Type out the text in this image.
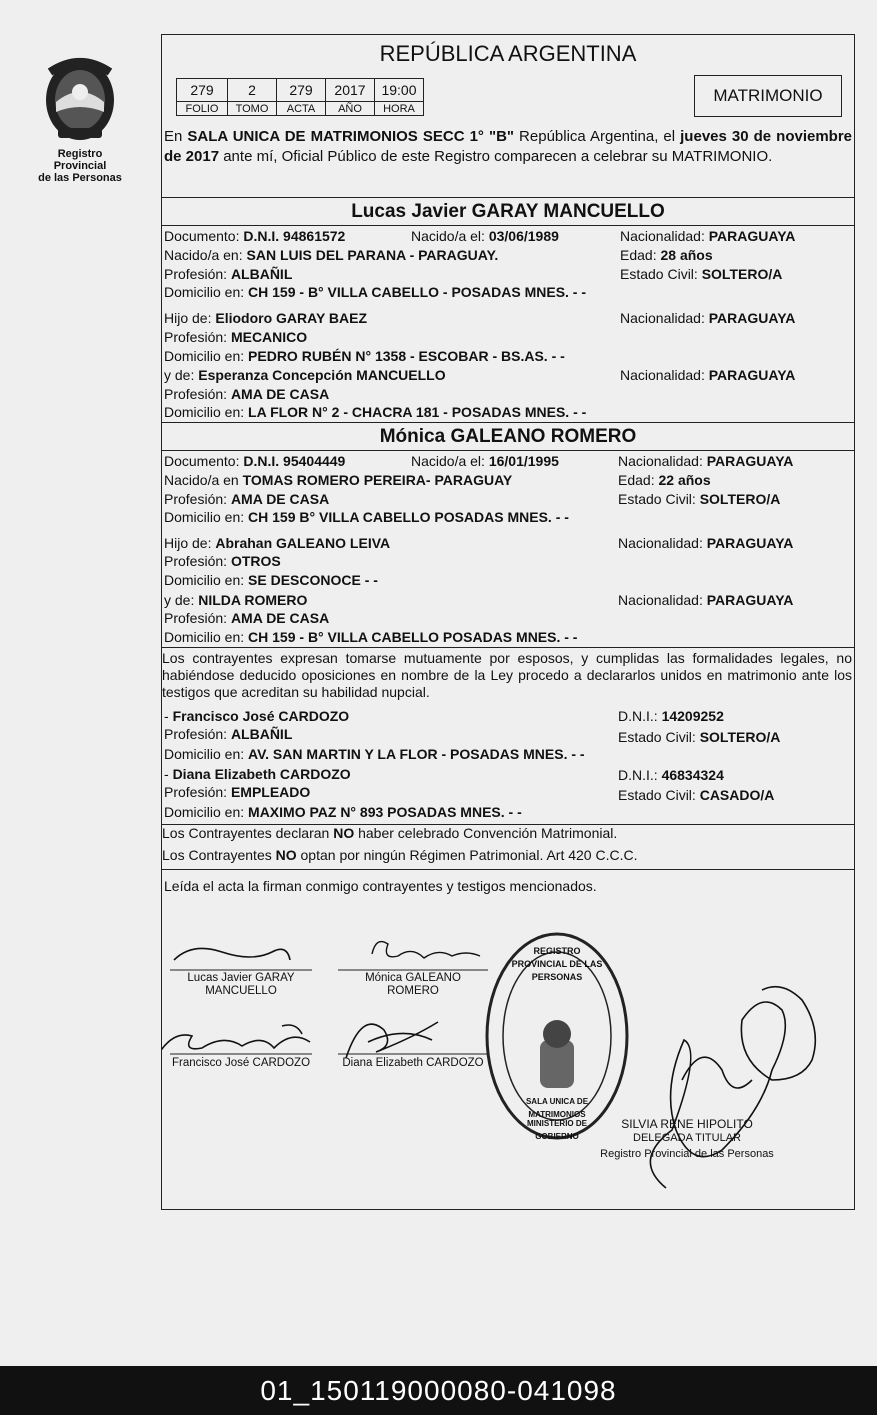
Registro Provincial
de las Personas
REPÚBLICA ARGENTINA
279	2	279	2017	19:00
FOLIO	TOMO	ACTA	AÑO	HORA
MATRIMONIO
En SALA UNICA DE MATRIMONIOS SECC 1° "B" República Argentina, el jueves 30 de noviembre de 2017 ante mí, Oficial Público de este Registro comparecen a celebrar su MATRIMONIO.
Lucas Javier GARAY MANCUELLO
Documento: D.N.I. 94861572	Nacido/a el: 03/06/1989	Nacionalidad: PARAGUAYA
Nacido/a en: SAN LUIS DEL PARANA - PARAGUAY.	Edad: 28 años
Profesión: ALBAÑIL	Estado Civil: SOLTERO/A
Domicilio en: CH 159 - B° VILLA CABELLO - POSADAS MNES. - -
Hijo de: Eliodoro GARAY BAEZ	Nacionalidad: PARAGUAYA
Profesión: MECANICO
Domicilio en: PEDRO RUBÉN N° 1358 - ESCOBAR - BS.AS. - -
y de: Esperanza Concepción MANCUELLO	Nacionalidad: PARAGUAYA
Profesión: AMA DE CASA
Domicilio en: LA FLOR N° 2 - CHACRA 181 - POSADAS MNES. - -
Mónica GALEANO ROMERO
Documento: D.N.I. 95404449	Nacido/a el: 16/01/1995	Nacionalidad: PARAGUAYA
Nacido/a en TOMAS ROMERO PEREIRA- PARAGUAY	Edad: 22 años
Profesión: AMA DE CASA	Estado Civil: SOLTERO/A
Domicilio en: CH 159 B° VILLA CABELLO POSADAS MNES. - -
Hijo de: Abrahan GALEANO LEIVA	Nacionalidad: PARAGUAYA
Profesión: OTROS
Domicilio en: SE DESCONOCE - -
y de: NILDA ROMERO	Nacionalidad: PARAGUAYA
Profesión: AMA DE CASA
Domicilio en: CH 159 - B° VILLA CABELLO POSADAS MNES. - -
Los contrayentes expresan tomarse mutuamente por esposos, y cumplidas las formalidades legales, no habiéndose deducido oposiciones en nombre de la Ley procedo a declararlos unidos en matrimonio ante los testigos que acreditan su habilidad nupcial.
- Francisco José CARDOZO	D.N.I.: 14209252
Profesión: ALBAÑIL	Estado Civil: SOLTERO/A
Domicilio en: AV. SAN MARTIN Y LA FLOR - POSADAS MNES. - -
- Diana Elizabeth CARDOZO	D.N.I.: 46834324
Profesión: EMPLEADO	Estado Civil: CASADO/A
Domicilio en: MAXIMO PAZ N° 893 POSADAS MNES. - -
Los Contrayentes declaran NO haber celebrado Convención Matrimonial.
Los Contrayentes NO optan por ningún Régimen Patrimonial. Art 420 C.C.C.
Leída el acta la firman conmigo contrayentes y testigos mencionados.
Lucas Javier GARAY
MANCUELLO
Mónica GALEANO
ROMERO
Francisco José CARDOZO	Diana Elizabeth CARDOZO
REGISTRO PROVINCIAL DE LAS PERSONAS
SALA UNICA DE MATRIMONIOS
MINISTERIO DE GOBIERNO
SILVIA RENE HIPOLITO
DELEGADA TITULAR
Registro Provincial de las Personas
01_150119000080-041098
